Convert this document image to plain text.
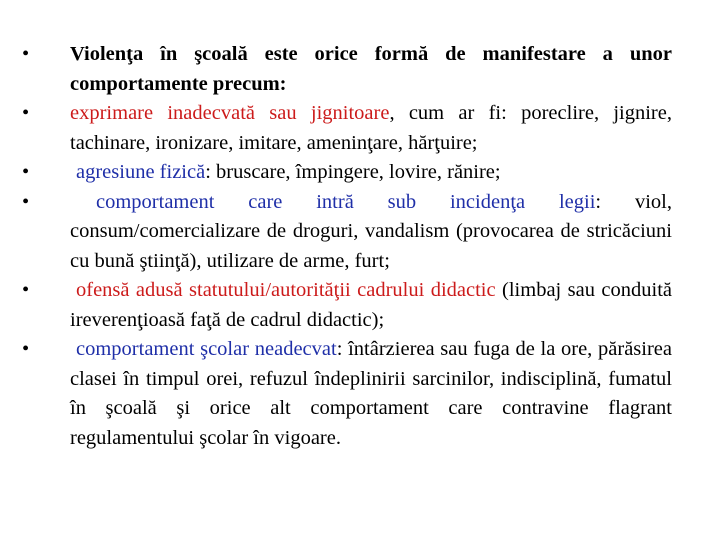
•	Violenţa în şcoală este orice formă de manifestare a unor comportamente precum:
•	exprimare inadecvată sau jignitoare, cum ar fi: poreclire, jignire, tachinare, ironizare, imitare, ameninţare, hărţuire;
•	agresiune fizică: bruscare, împingere, lovire, rănire;
•	comportament care intră sub incidenţa legii: viol, consum/comercializare de droguri, vandalism (provocarea de stricăciuni cu bună ştiinţă), utilizare de arme, furt;
•	ofensă adusă statutului/autorităţii cadrului didactic (limbaj sau conduită ireverenţioasă faţă de cadrul didactic);
•	comportament şcolar neadecvat: întârzierea sau fuga de la ore, părăsirea clasei în timpul orei, refuzul îndeplinirii sarcinilor, indisciplină, fumatul în şcoală şi orice alt comportament care contravine flagrant regulamentului şcolar în vigoare.
